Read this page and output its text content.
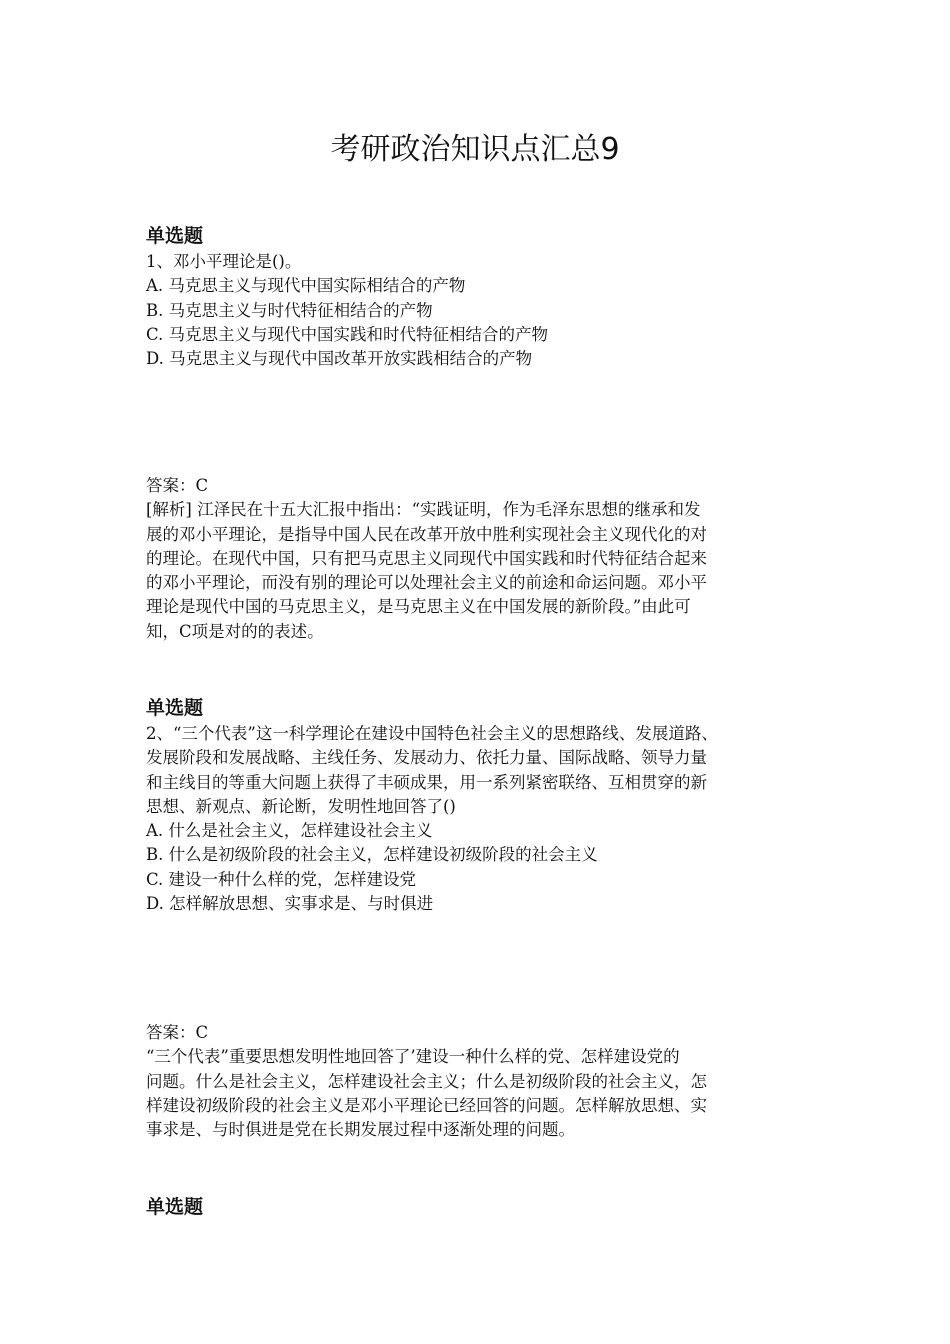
考研政治知识点汇总9

单选题

1、邓小平理论是()。

A. 马克思主义与现代中国实际相结合的产物

B. 马克思主义与时代特征相结合的产物

C. 马克思主义与现代中国实践和时代特征相结合的产物

D. 马克思主义与现代中国改革开放实践相结合的产物

答案：C

[解析] 江泽民在十五大汇报中指出：“实践证明，作为毛泽东思想的继承和发

展的邓小平理论，是指导中国人民在改革开放中胜利实现社会主义现代化的对

的理论。在现代中国，只有把马克思主义同现代中国实践和时代特征结合起来

的邓小平理论，而没有别的理论可以处理社会主义的前途和命运问题。邓小平

理论是现代中国的马克思主义，是马克思主义在中国发展的新阶段。”由此可

知，C项是对的的表述。

单选题

2、“三个代表”这一科学理论在建设中国特色社会主义的思想路线、发展道路、

发展阶段和发展战略、主线任务、发展动力、依托力量、国际战略、领导力量

和主线目的等重大问题上获得了丰硕成果，用一系列紧密联络、互相贯穿的新

思想、新观点、新论断，发明性地回答了()

A. 什么是社会主义，怎样建设社会主义

B. 什么是初级阶段的社会主义，怎样建设初级阶段的社会主义

C. 建设一种什么样的党，怎样建设党

D. 怎样解放思想、实事求是、与时俱进

答案：C

“三个代表”重要思想发明性地回答了’建设一种什么样的党、怎样建设党的

问题。什么是社会主义，怎样建设社会主义；什么是初级阶段的社会主义，怎

样建设初级阶段的社会主义是邓小平理论已经回答的问题。怎样解放思想、实

事求是、与时俱进是党在长期发展过程中逐渐处理的问题。

单选题
